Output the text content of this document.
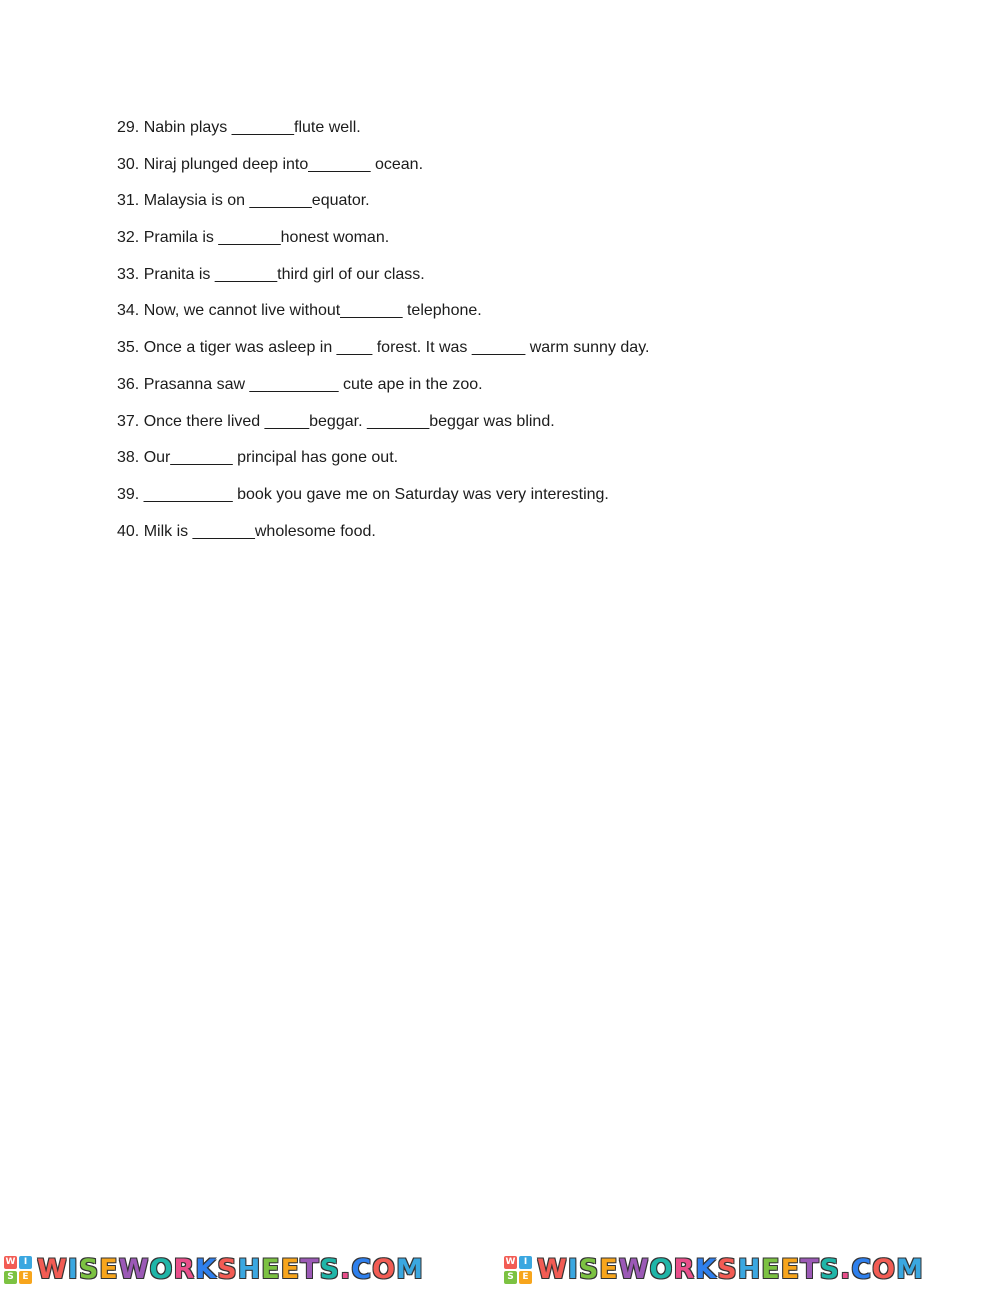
29. Nabin plays _______flute well.
30. Niraj plunged deep into_______ ocean.
31. Malaysia is on _______equator.
32. Pramila is _______honest woman.
33. Pranita is _______third girl of our class.
34. Now, we cannot live without_______ telephone.
35. Once a tiger was asleep in ____ forest. It was ______ warm sunny day.
36. Prasanna saw __________ cute ape in the zoo.
37. Once there lived _____beggar. _______beggar was blind.
38. Our_______ principal has gone out.
39. __________ book you gave me on Saturday was very interesting.
40. Milk is _______wholesome food.
W I
S E WISEWORKSHEETS.COM	W I
S E WISEWORKSHEETS.COM
